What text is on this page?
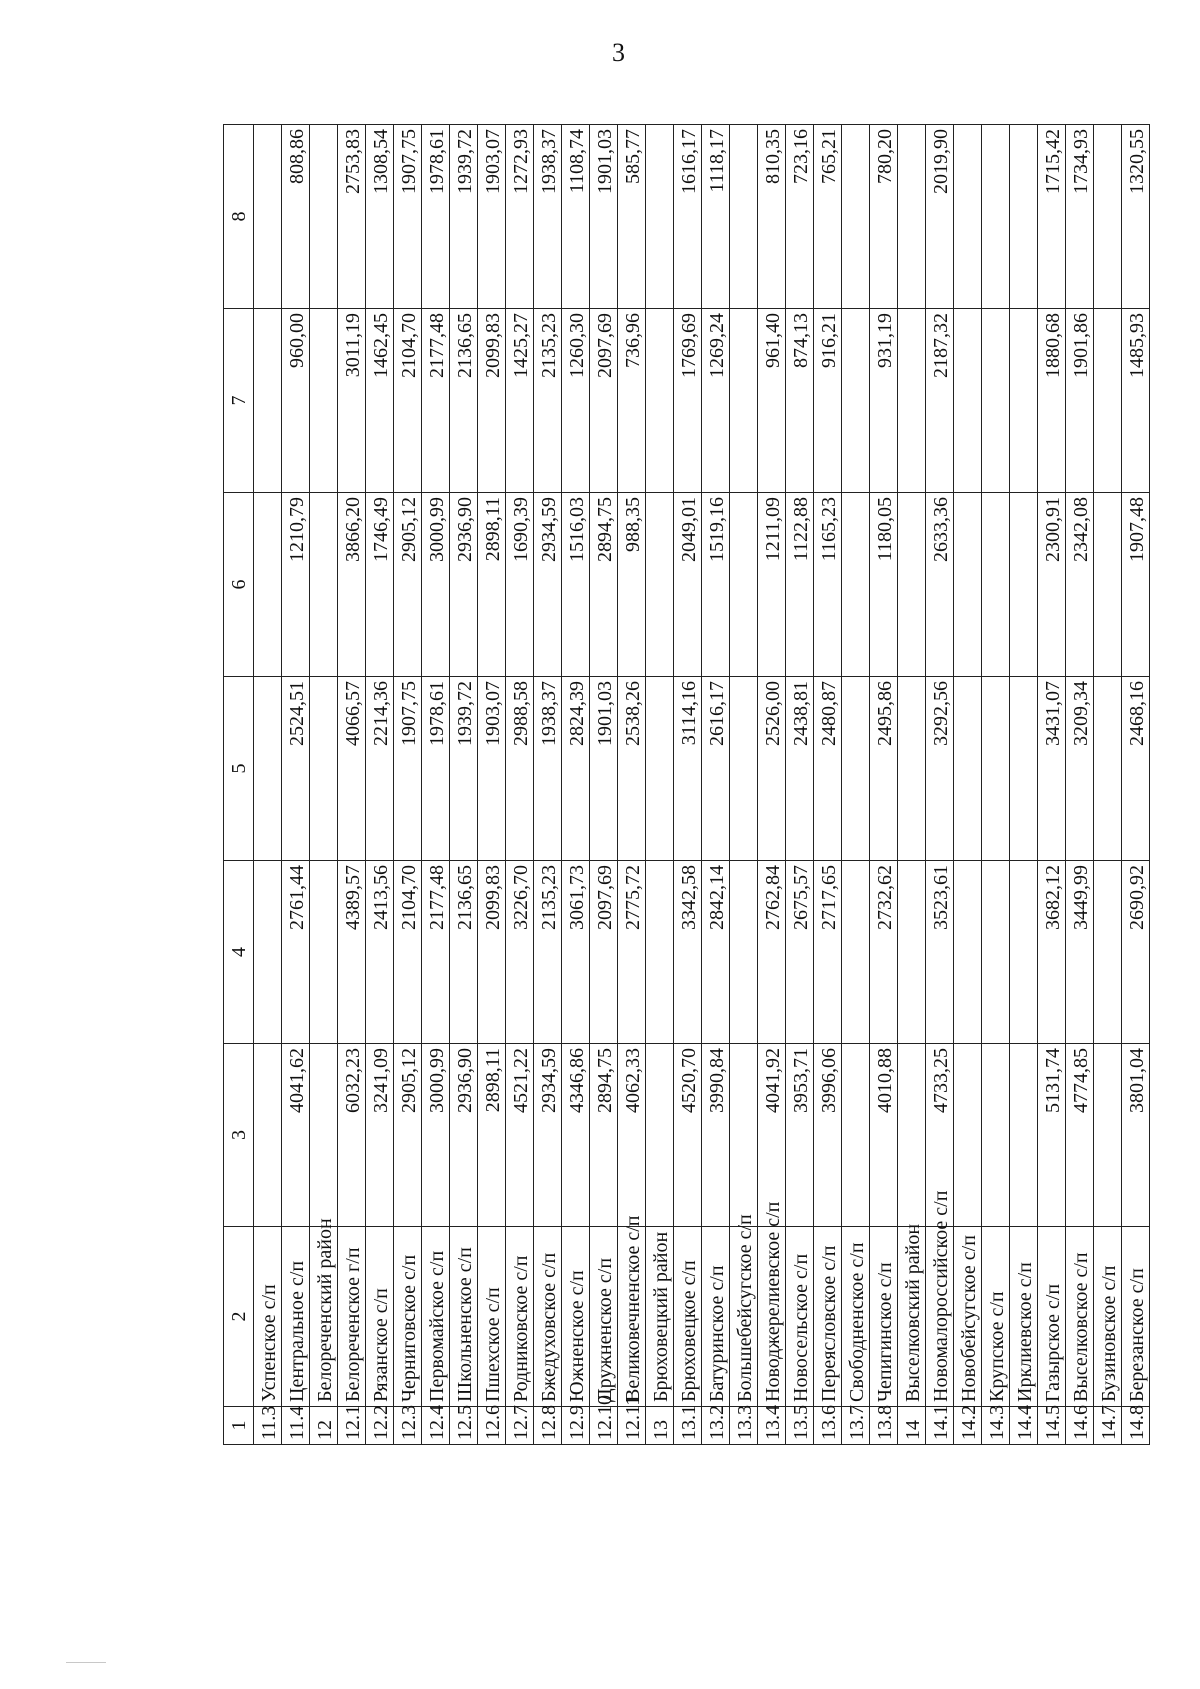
3
1	2	3	4	5	6	7	8
11.3	Успенское с/п						
11.4	Центральное с/п	4041,62	2761,44	2524,51	1210,79	960,00	808,86
12	Белореченский район						
12.1	Белореченское г/п	6032,23	4389,57	4066,57	3866,20	3011,19	2753,83
12.2	Рязанское с/п	3241,09	2413,56	2214,36	1746,49	1462,45	1308,54
12.3	Черниговское с/п	2905,12	2104,70	1907,75	2905,12	2104,70	1907,75
12.4	Первомайское с/п	3000,99	2177,48	1978,61	3000,99	2177,48	1978,61
12.5	Школьненское с/п	2936,90	2136,65	1939,72	2936,90	2136,65	1939,72
12.6	Пшехское с/п	2898,11	2099,83	1903,07	2898,11	2099,83	1903,07
12.7	Родниковское с/п	4521,22	3226,70	2988,58	1690,39	1425,27	1272,93
12.8	Бжедуховское с/п	2934,59	2135,23	1938,37	2934,59	2135,23	1938,37
12.9	Южненское с/п	4346,86	3061,73	2824,39	1516,03	1260,30	1108,74
12.10	Дружненское с/п	2894,75	2097,69	1901,03	2894,75	2097,69	1901,03
12.11	Великовечненское с/п	4062,33	2775,72	2538,26	988,35	736,96	585,77
13	Брюховецкий район						
13.1	Брюховецкое с/п	4520,70	3342,58	3114,16	2049,01	1769,69	1616,17
13.2	Батуринское с/п	3990,84	2842,14	2616,17	1519,16	1269,24	1118,17
13.3	Большебейсугское с/п						
13.4	Новоджерелиевское с/п	4041,92	2762,84	2526,00	1211,09	961,40	810,35
13.5	Новосельское с/п	3953,71	2675,57	2438,81	1122,88	874,13	723,16
13.6	Переясловское с/п	3996,06	2717,65	2480,87	1165,23	916,21	765,21
13.7	Свободненское с/п						
13.8	Чепигинское с/п	4010,88	2732,62	2495,86	1180,05	931,19	780,20
14	Выселковский район						
14.1	Новомалороссийское с/п	4733,25	3523,61	3292,56	2633,36	2187,32	2019,90
14.2	Новобейсугское с/п						
14.3	Крупское с/п						
14.4	Ирклиевское с/п						
14.5	Газырское с/п	5131,74	3682,12	3431,07	2300,91	1880,68	1715,42
14.6	Выселковское с/п	4774,85	3449,99	3209,34	2342,08	1901,86	1734,93
14.7	Бузиновское с/п						
14.8	Березанское с/п	3801,04	2690,92	2468,16	1907,48	1485,93	1320,55
